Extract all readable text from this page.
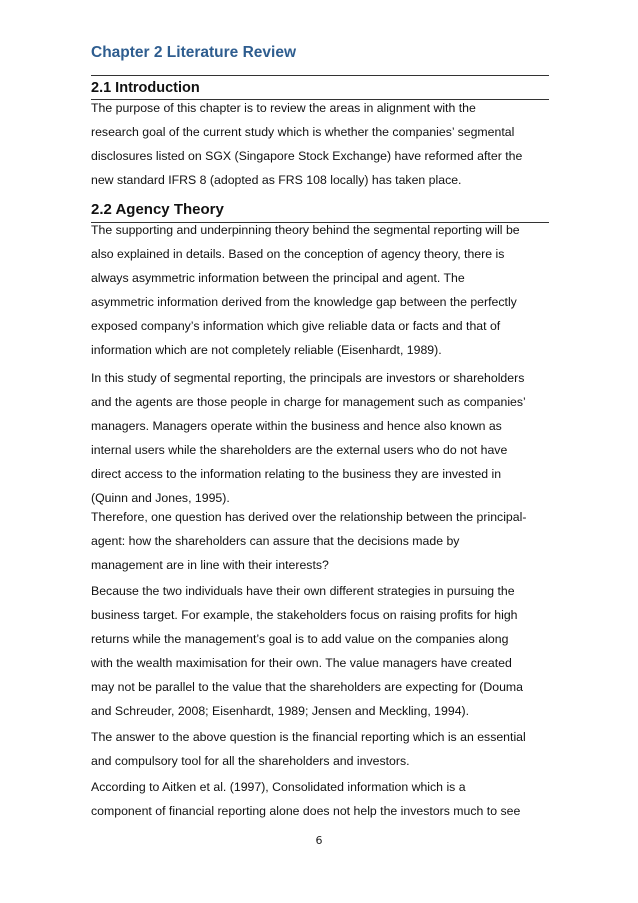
Chapter 2 Literature Review
2.1 Introduction

The purpose of this chapter is to review the areas in alignment with the
research goal of the current study which is whether the companies’ segmental
disclosures listed on SGX (Singapore Stock Exchange) have reformed after the
new standard IFRS 8 (adopted as FRS 108 locally) has taken place.

2.2 Agency Theory

The supporting and underpinning theory behind the segmental reporting will be
also explained in details. Based on the conception of agency theory, there is
always asymmetric information between the principal and agent. The
asymmetric information derived from the knowledge gap between the perfectly
exposed company’s information which give reliable data or facts and that of
information which are not completely reliable (Eisenhardt, 1989).

In this study of segmental reporting, the principals are investors or shareholders
and the agents are those people in charge for management such as companies’
managers. Managers operate within the business and hence also known as
internal users while the shareholders are the external users who do not have
direct access to the information relating to the business they are invested in
(Quinn and Jones, 1995).

Therefore, one question has derived over the relationship between the principal-
agent: how the shareholders can assure that the decisions made by
management are in line with their interests?

Because the two individuals have their own different strategies in pursuing the
business target. For example, the stakeholders focus on raising profits for high
returns while the management’s goal is to add value on the companies along
with the wealth maximisation for their own. The value managers have created
may not be parallel to the value that the shareholders are expecting for (Douma
and Schreuder, 2008; Eisenhardt, 1989; Jensen and Meckling, 1994).

The answer to the above question is the financial reporting which is an essential
and compulsory tool for all the shareholders and investors.

According to Aitken et al. (1997), Consolidated information which is a
component of financial reporting alone does not help the investors much to see

6
